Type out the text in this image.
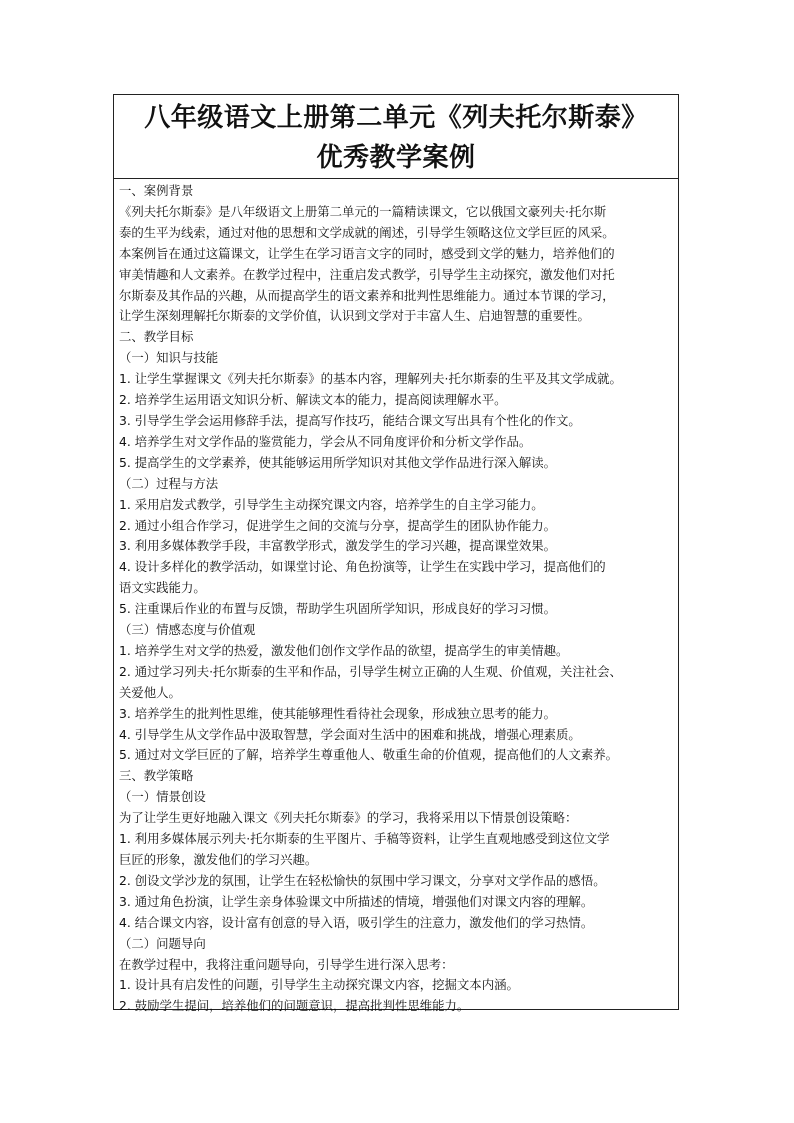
八年级语文上册第二单元《列夫托尔斯泰》
优秀教学案例
一、案例背景
《列夫托尔斯泰》是八年级语文上册第二单元的一篇精读课文，它以俄国文豪列夫·托尔斯
泰的生平为线索，通过对他的思想和文学成就的阐述，引导学生领略这位文学巨匠的风采。
本案例旨在通过这篇课文，让学生在学习语言文字的同时，感受到文学的魅力，培养他们的
审美情趣和人文素养。在教学过程中，注重启发式教学，引导学生主动探究，激发他们对托
尔斯泰及其作品的兴趣，从而提高学生的语文素养和批判性思维能力。通过本节课的学习，
让学生深刻理解托尔斯泰的文学价值，认识到文学对于丰富人生、启迪智慧的重要性。
二、教学目标
（一）知识与技能
1. 让学生掌握课文《列夫托尔斯泰》的基本内容，理解列夫·托尔斯泰的生平及其文学成就。
2. 培养学生运用语文知识分析、解读文本的能力，提高阅读理解水平。
3. 引导学生学会运用修辞手法，提高写作技巧，能结合课文写出具有个性化的作文。
4. 培养学生对文学作品的鉴赏能力，学会从不同角度评价和分析文学作品。
5. 提高学生的文学素养，使其能够运用所学知识对其他文学作品进行深入解读。
（二）过程与方法
1. 采用启发式教学，引导学生主动探究课文内容，培养学生的自主学习能力。
2. 通过小组合作学习，促进学生之间的交流与分享，提高学生的团队协作能力。
3. 利用多媒体教学手段，丰富教学形式，激发学生的学习兴趣，提高课堂效果。
4. 设计多样化的教学活动，如课堂讨论、角色扮演等，让学生在实践中学习，提高他们的
语文实践能力。
5. 注重课后作业的布置与反馈，帮助学生巩固所学知识，形成良好的学习习惯。
（三）情感态度与价值观
1. 培养学生对文学的热爱，激发他们创作文学作品的欲望，提高学生的审美情趣。
2. 通过学习列夫·托尔斯泰的生平和作品，引导学生树立正确的人生观、价值观，关注社会、
关爱他人。
3. 培养学生的批判性思维，使其能够理性看待社会现象，形成独立思考的能力。
4. 引导学生从文学作品中汲取智慧，学会面对生活中的困难和挑战，增强心理素质。
5. 通过对文学巨匠的了解，培养学生尊重他人、敬重生命的价值观，提高他们的人文素养。
三、教学策略
（一）情景创设
为了让学生更好地融入课文《列夫托尔斯泰》的学习，我将采用以下情景创设策略：
1. 利用多媒体展示列夫·托尔斯泰的生平图片、手稿等资料，让学生直观地感受到这位文学
巨匠的形象，激发他们的学习兴趣。
2. 创设文学沙龙的氛围，让学生在轻松愉快的氛围中学习课文，分享对文学作品的感悟。
3. 通过角色扮演，让学生亲身体验课文中所描述的情境，增强他们对课文内容的理解。
4. 结合课文内容，设计富有创意的导入语，吸引学生的注意力，激发他们的学习热情。
（二）问题导向
在教学过程中，我将注重问题导向，引导学生进行深入思考：
1. 设计具有启发性的问题，引导学生主动探究课文内容，挖掘文本内涵。
2. 鼓励学生提问，培养他们的问题意识，提高批判性思维能力。
